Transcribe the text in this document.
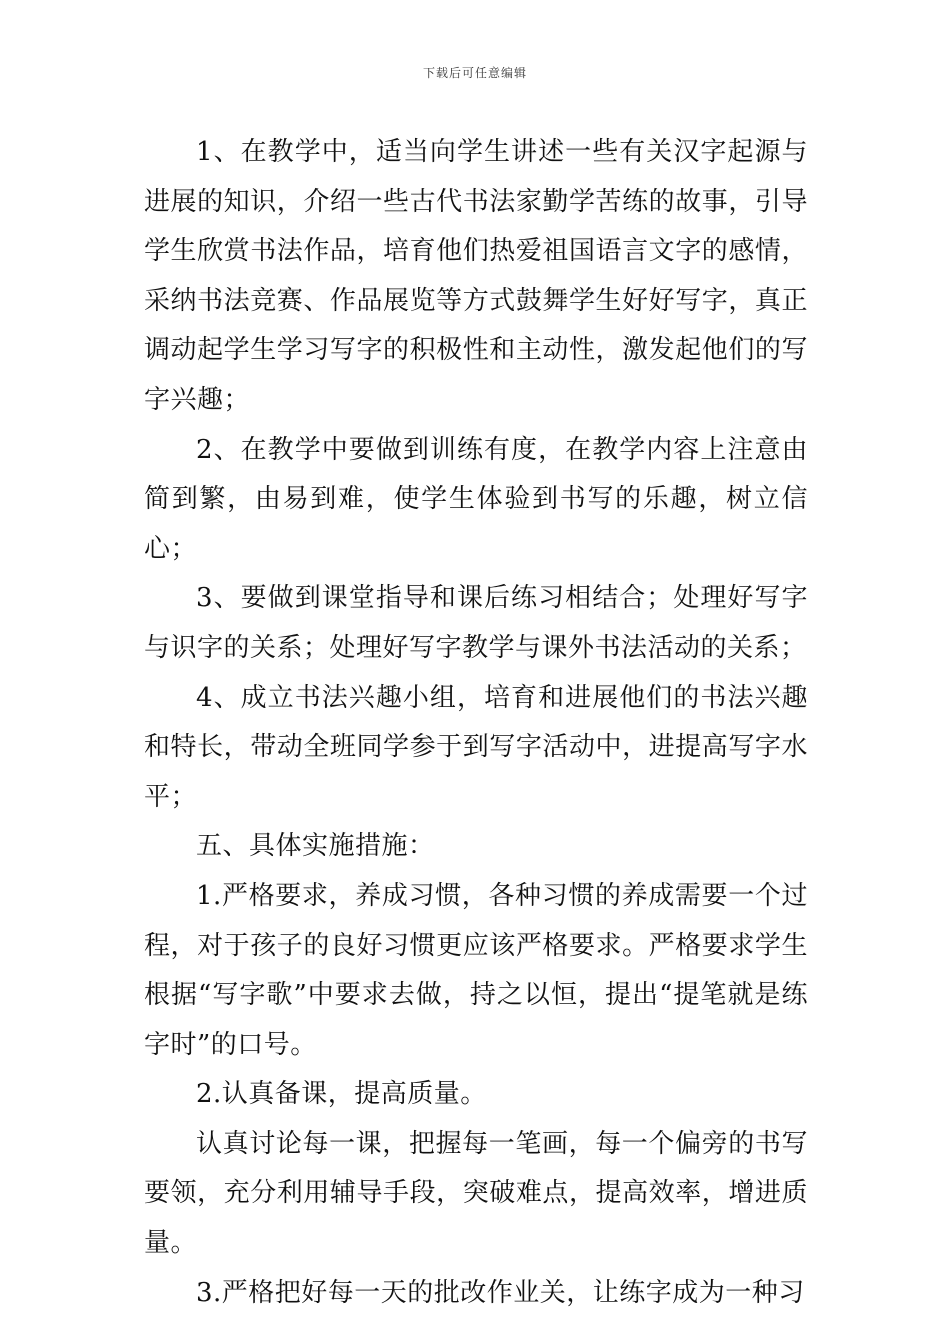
下载后可任意编辑

1、在教学中，适当向学生讲述一些有关汉字起源与进展的知识，介绍一些古代书法家勤学苦练的故事，引导学生欣赏书法作品，培育他们热爱祖国语言文字的感情，采纳书法竞赛、作品展览等方式鼓舞学生好好写字，真正调动起学生学习写字的积极性和主动性，激发起他们的写字兴趣；

2、在教学中要做到训练有度，在教学内容上注意由简到繁，由易到难，使学生体验到书写的乐趣，树立信心；

3、要做到课堂指导和课后练习相结合；处理好写字与识字的关系；处理好写字教学与课外书法活动的关系；

4、成立书法兴趣小组，培育和进展他们的书法兴趣和特长，带动全班同学参于到写字活动中，进提高写字水平；

五、具体实施措施：

1.严格要求，养成习惯，各种习惯的养成需要一个过程，对于孩子的良好习惯更应该严格要求。严格要求学生根据“写字歌”中要求去做，持之以恒，提出“提笔就是练字时”的口号。

2.认真备课，提高质量。

认真讨论每一课，把握每一笔画，每一个偏旁的书写要领，充分利用辅导手段，突破难点，提高效率，增进质量。

3.严格把好每一天的批改作业关，让练字成为一种习
